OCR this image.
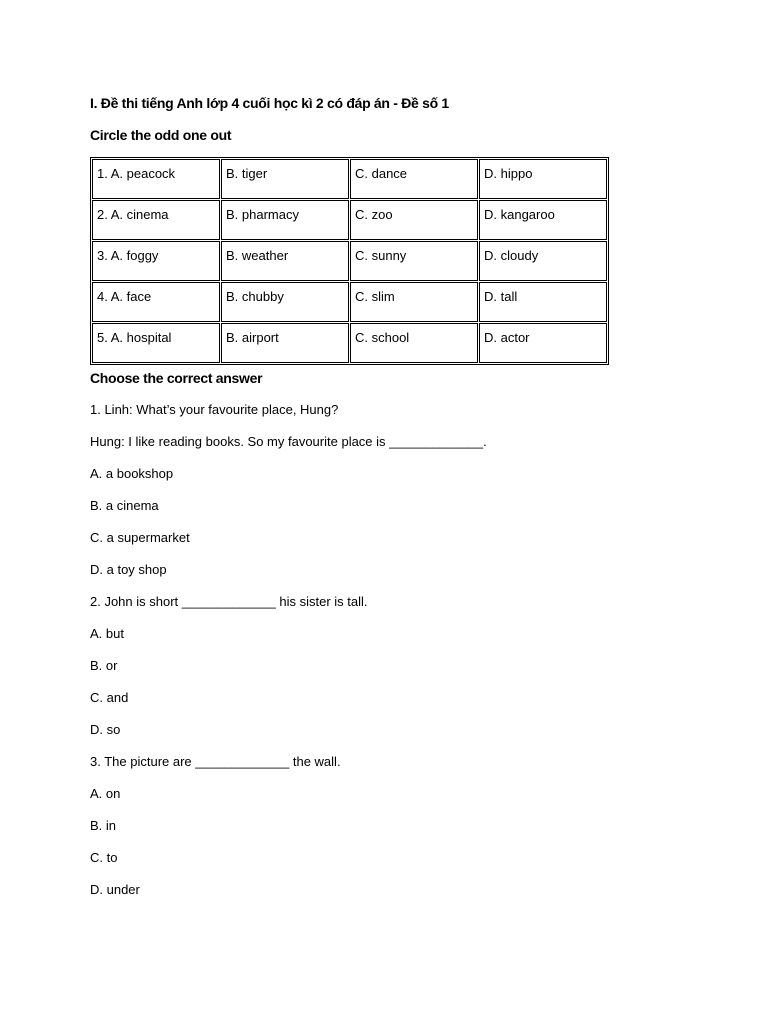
I. Đề thi tiếng Anh lớp 4 cuối học kì 2 có đáp án - Đề số 1
Circle the odd one out
1. A. peacock	B. tiger	C. dance	D. hippo
2. A. cinema	B. pharmacy	C. zoo	D. kangaroo
3. A. foggy	B. weather	C. sunny	D. cloudy
4. A. face	B. chubby	C. slim	D. tall
5. A. hospital	B. airport	C. school	D. actor
Choose the correct answer
1. Linh: What’s your favourite place, Hung?
Hung: I like reading books. So my favourite place is _____________.
A. a bookshop
B. a cinema
C. a supermarket
D. a toy shop
2. John is short _____________ his sister is tall.
A. but
B. or
C. and
D. so
3. The picture are _____________ the wall.
A. on
B. in
C. to
D. under
